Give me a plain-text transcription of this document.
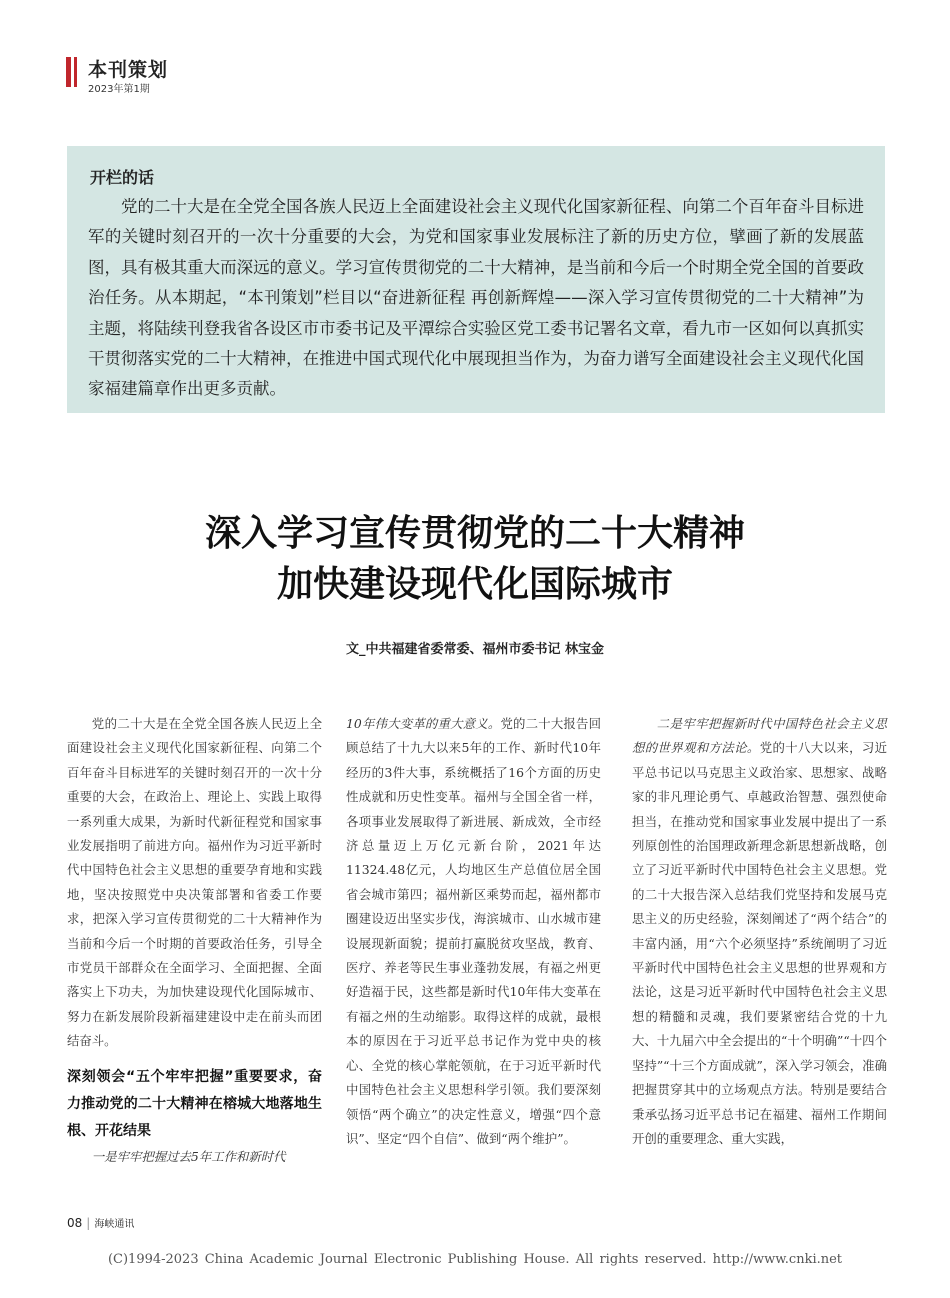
本刊策划
2023年第1期
开栏的话
党的二十大是在全党全国各族人民迈上全面建设社会主义现代化国家新征程、向第二个百年奋斗目标进军的关键时刻召开的一次十分重要的大会，为党和国家事业发展标注了新的历史方位，擘画了新的发展蓝图，具有极其重大而深远的意义。学习宣传贯彻党的二十大精神，是当前和今后一个时期全党全国的首要政治任务。从本期起，“本刊策划”栏目以“奋进新征程 再创新辉煌——深入学习宣传贯彻党的二十大精神”为主题，将陆续刊登我省各设区市市委书记及平潭综合实验区党工委书记署名文章，看九市一区如何以真抓实干贯彻落实党的二十大精神，在推进中国式现代化中展现担当作为，为奋力谱写全面建设社会主义现代化国家福建篇章作出更多贡献。
深入学习宣传贯彻党的二十大精神
加快建设现代化国际城市
文_中共福建省委常委、福州市委书记 林宝金

党的二十大是在全党全国各族人民迈上全面建设社会主义现代化国家新征程、向第二个百年奋斗目标进军的关键时刻召开的一次十分重要的大会，在政治上、理论上、实践上取得一系列重大成果，为新时代新征程党和国家事业发展指明了前进方向。福州作为习近平新时代中国特色社会主义思想的重要孕育地和实践地，坚决按照党中央决策部署和省委工作要求，把深入学习宣传贯彻党的二十大精神作为当前和今后一个时期的首要政治任务，引导全市党员干部群众在全面学习、全面把握、全面落实上下功夫，为加快建设现代化国际城市、努力在新发展阶段新福建建设中走在前头而团结奋斗。

深刻领会“五个牢牢把握”重要要求，奋力推动党的二十大精神在榕城大地落地生根、开花结果

一是牢牢把握过去5年工作和新时代

10年伟大变革的重大意义。党的二十大报告回顾总结了十九大以来5年的工作、新时代10年经历的3件大事，系统概括了16个方面的历史性成就和历史性变革。福州与全国全省一样，各项事业发展取得了新进展、新成效，全市经济总量迈上万亿元新台阶，2021年达11324.48亿元，人均地区生产总值位居全国省会城市第四；福州新区乘势而起，福州都市圈建设迈出坚实步伐，海滨城市、山水城市建设展现新面貌；提前打赢脱贫攻坚战，教育、医疗、养老等民生事业蓬勃发展，有福之州更好造福于民，这些都是新时代10年伟大变革在有福之州的生动缩影。取得这样的成就，最根本的原因在于习近平总书记作为党中央的核心、全党的核心掌舵领航，在于习近平新时代中国特色社会主义思想科学引领。我们要深刻领悟“两个确立”的决定性意义，增强“四个意识”、坚定“四个自信”、做到“两个维护”。

二是牢牢把握新时代中国特色社会主义思想的世界观和方法论。党的十八大以来，习近平总书记以马克思主义政治家、思想家、战略家的非凡理论勇气、卓越政治智慧、强烈使命担当，在推动党和国家事业发展中提出了一系列原创性的治国理政新理念新思想新战略，创立了习近平新时代中国特色社会主义思想。党的二十大报告深入总结我们党坚持和发展马克思主义的历史经验，深刻阐述了“两个结合”的丰富内涵，用“六个必须坚持”系统阐明了习近平新时代中国特色社会主义思想的世界观和方法论，这是习近平新时代中国特色社会主义思想的精髓和灵魂，我们要紧密结合党的十九大、十九届六中全会提出的“十个明确”“十四个坚持”“十三个方面成就”，深入学习领会，准确把握贯穿其中的立场观点方法。特别是要结合秉承弘扬习近平总书记在福建、福州工作期间开创的重要理念、重大实践，

08 | 海峡通讯
(C)1994-2023 China Academic Journal Electronic Publishing House. All rights reserved. http://www.cnki.net
